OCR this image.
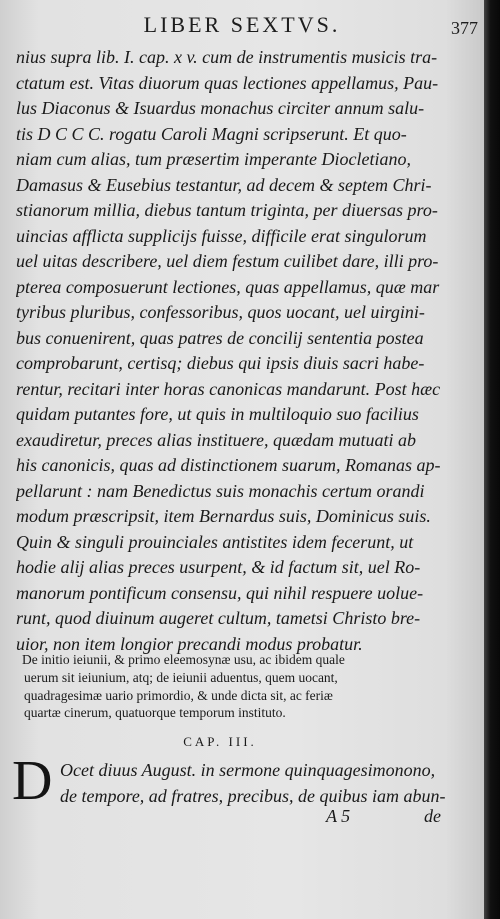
LIBER SEXTVS.	377
nius supra lib. I. cap. x v. cum de instrumentis musicis tra-
ctatum est. Vitas diuorum quas lectiones appellamus, Pau-
lus Diaconus & Isuardus monachus circiter annum salu-
tis D C C C. rogatu Caroli Magni scripserunt. Et quo-
niam cum alias, tum præsertim imperante Diocletiano,
Damasus & Eusebius testantur, ad decem & septem Chri-
stianorum millia, diebus tantum triginta, per diuersas pro-
uincias afflicta supplicijs fuisse, difficile erat singulorum
uel uitas describere, uel diem festum cuilibet dare, illi pro-
pterea composuerunt lectiones, quas appellamus, quæ mar
tyribus pluribus, confessoribus, quos uocant, uel uirgini-
bus conuenirent, quas patres de concilij sententia postea
comprobarunt, certisq; diebus qui ipsis diuis sacri habe-
rentur, recitari inter horas canonicas mandarunt. Post hæc
quidam putantes fore, ut quis in multiloquio suo facilius
exaudiretur, preces alias instituere, quædam mutuati ab
his canonicis, quas ad distinctionem suarum, Romanas ap-
pellarunt : nam Benedictus suis monachis certum orandi
modum præscripsit, item Bernardus suis, Dominicus suis.
Quin & singuli prouinciales antistites idem fecerunt, ut
hodie alij alias preces usurpent, & id factum sit, uel Ro-
manorum pontificum consensu, qui nihil respuere uolue-
runt, quod diuinum augeret cultum, tametsi Christo bre-
uior, non item longior precandi modus probatur.
De initio ieiunii, & primo eleemosynæ usu, ac ibidem quale
uerum sit ieiunium, atq; de ieiunii aduentus, quem uocant,
quadragesimæ uario primordio, & unde dicta sit, ac feriæ
quartæ cinerum, quatuorque temporum instituto.
CAP. III.
D Ocet diuus August. in sermone quinquagesimonono,
de tempore, ad fratres, precibus, de quibus iam abun-
A 5	de
